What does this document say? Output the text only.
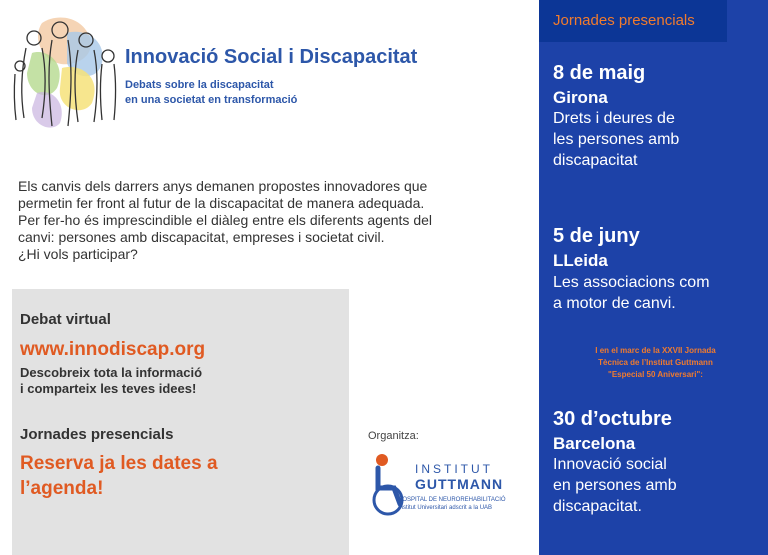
Innovació Social i Discapacitat

Debats sobre la discapacitat
en una societat en transformació

Els canvis dels darrers anys demanen propostes innovadores que
permetin fer front al futur de la discapacitat de manera adequada.
Per fer-ho és imprescindible el diàleg entre els diferents agents del
canvi: persones amb discapacitat, empreses i societat civil.
¿Hi vols participar?

Debat virtual

www.innodiscap.org

Descobreix tota la informació
i comparteix les teves idees!

Jornades presencials

Reserva ja les dates a
l’agenda!

Organitza:
INSTITUT
GUTTMANN
HOSPITAL DE NEUROREHABILITACIÓ
Institut Universitari adscrit a la UAB
Jornades presencials

8 de maig

Girona

Drets i deures de
les persones amb
discapacitat

5 de juny

LLeida

Les associacions com
a motor de canvi.

I en el marc de la XXVII Jornada
Tècnica de l’Institut Guttmann
"Especial 50 Aniversari":

30 d’octubre

Barcelona

Innovació social
en persones amb
discapacitat.
